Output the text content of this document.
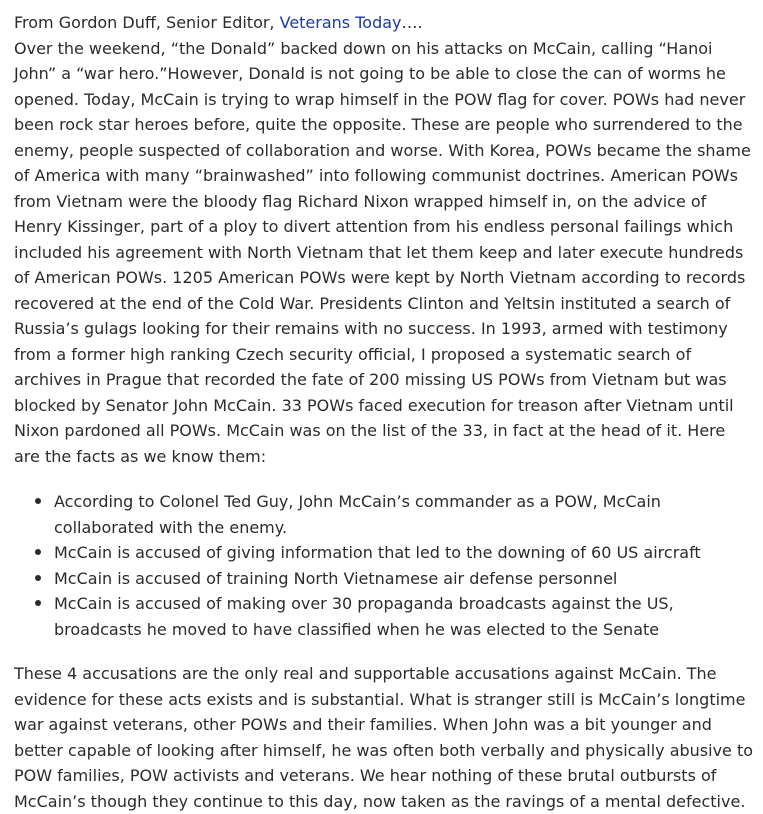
From Gordon Duff, Senior Editor, Veterans Today….

Over the weekend, “the Donald” backed down on his attacks on McCain, calling “Hanoi John” a “war hero.”However, Donald is not going to be able to close the can of worms he opened. Today, McCain is trying to wrap himself in the POW flag for cover. POWs had never been rock star heroes before, quite the opposite. These are people who surrendered to the enemy, people suspected of collaboration and worse. With Korea, POWs became the shame of America with many “brainwashed” into following communist doctrines. American POWs from Vietnam were the bloody flag Richard Nixon wrapped himself in, on the advice of Henry Kissinger, part of a ploy to divert attention from his endless personal failings which included his agreement with North Vietnam that let them keep and later execute hundreds of American POWs. 1205 American POWs were kept by North Vietnam according to records recovered at the end of the Cold War. Presidents Clinton and Yeltsin instituted a search of Russia’s gulags looking for their remains with no success. In 1993, armed with testimony from a former high ranking Czech security official, I proposed a systematic search of archives in Prague that recorded the fate of 200 missing US POWs from Vietnam but was blocked by Senator John McCain. 33 POWs faced execution for treason after Vietnam until Nixon pardoned all POWs. McCain was on the list of the 33, in fact at the head of it. Here are the facts as we know them:

According to Colonel Ted Guy, John McCain’s commander as a POW, McCain collaborated with the enemy.
McCain is accused of giving information that led to the downing of 60 US aircraft
McCain is accused of training North Vietnamese air defense personnel
McCain is accused of making over 30 propaganda broadcasts against the US, broadcasts he moved to have classified when he was elected to the Senate

These 4 accusations are the only real and supportable accusations against McCain. The evidence for these acts exists and is substantial. What is stranger still is McCain’s longtime war against veterans, other POWs and their families. When John was a bit younger and better capable of looking after himself, he was often both verbally and physically abusive to POW families, POW activists and veterans. We hear nothing of these brutal outbursts of McCain’s though they continue to this day, now taken as the ravings of a mental defective.
